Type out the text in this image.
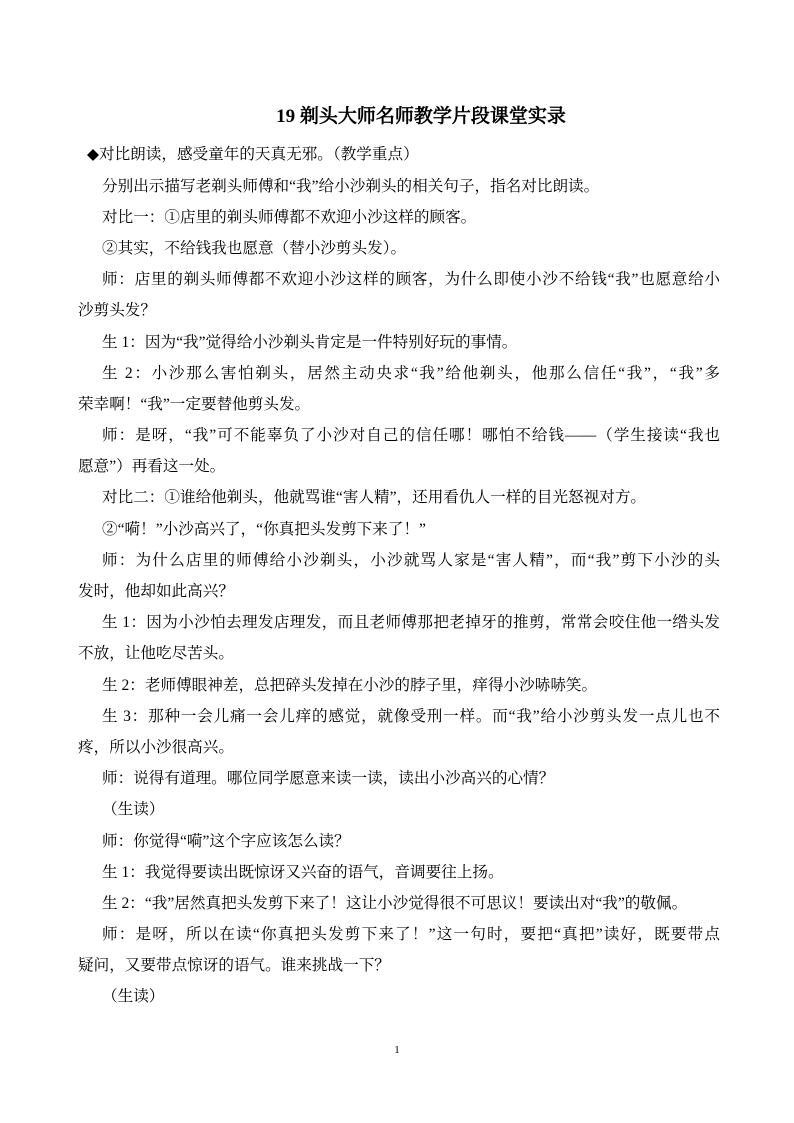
19 剃头大师名师教学片段课堂实录
◆对比朗读，感受童年的天真无邪。（教学重点）
分别出示描写老剃头师傅和“我”给小沙剃头的相关句子，指名对比朗读。
对比一：①店里的剃头师傅都不欢迎小沙这样的顾客。
②其实，不给钱我也愿意（替小沙剪头发）。
师：店里的剃头师傅都不欢迎小沙这样的顾客，为什么即使小沙不给钱“我”也愿意给小
沙剪头发？
生 1：因为“我”觉得给小沙剃头肯定是一件特别好玩的事情。
生 2：小沙那么害怕剃头，居然主动央求“我”给他剃头，他那么信任“我”，“我”多
荣幸啊！“我”一定要替他剪头发。
师：是呀，“我”可不能辜负了小沙对自己的信任哪！哪怕不给钱——（学生接读“我也
愿意”）再看这一处。
对比二：①谁给他剃头，他就骂谁“害人精”，还用看仇人一样的目光怒视对方。
②“嗬！”小沙高兴了，“你真把头发剪下来了！”
师：为什么店里的师傅给小沙剃头，小沙就骂人家是“害人精”，而“我”剪下小沙的头
发时，他却如此高兴？
生 1：因为小沙怕去理发店理发，而且老师傅那把老掉牙的推剪，常常会咬住他一绺头发
不放，让他吃尽苦头。
生 2：老师傅眼神差，总把碎头发掉在小沙的脖子里，痒得小沙哧哧笑。
生 3：那种一会儿痛一会儿痒的感觉，就像受刑一样。而“我”给小沙剪头发一点儿也不
疼，所以小沙很高兴。
师：说得有道理。哪位同学愿意来读一读，读出小沙高兴的心情？
（生读）
师：你觉得“嗬”这个字应该怎么读？
生 1：我觉得要读出既惊讶又兴奋的语气，音调要往上扬。
生 2：“我”居然真把头发剪下来了！这让小沙觉得很不可思议！要读出对“我”的敬佩。
师：是呀，所以在读“你真把头发剪下来了！”这一句时，要把“真把”读好，既要带点
疑问，又要带点惊讶的语气。谁来挑战一下？
（生读）
1
